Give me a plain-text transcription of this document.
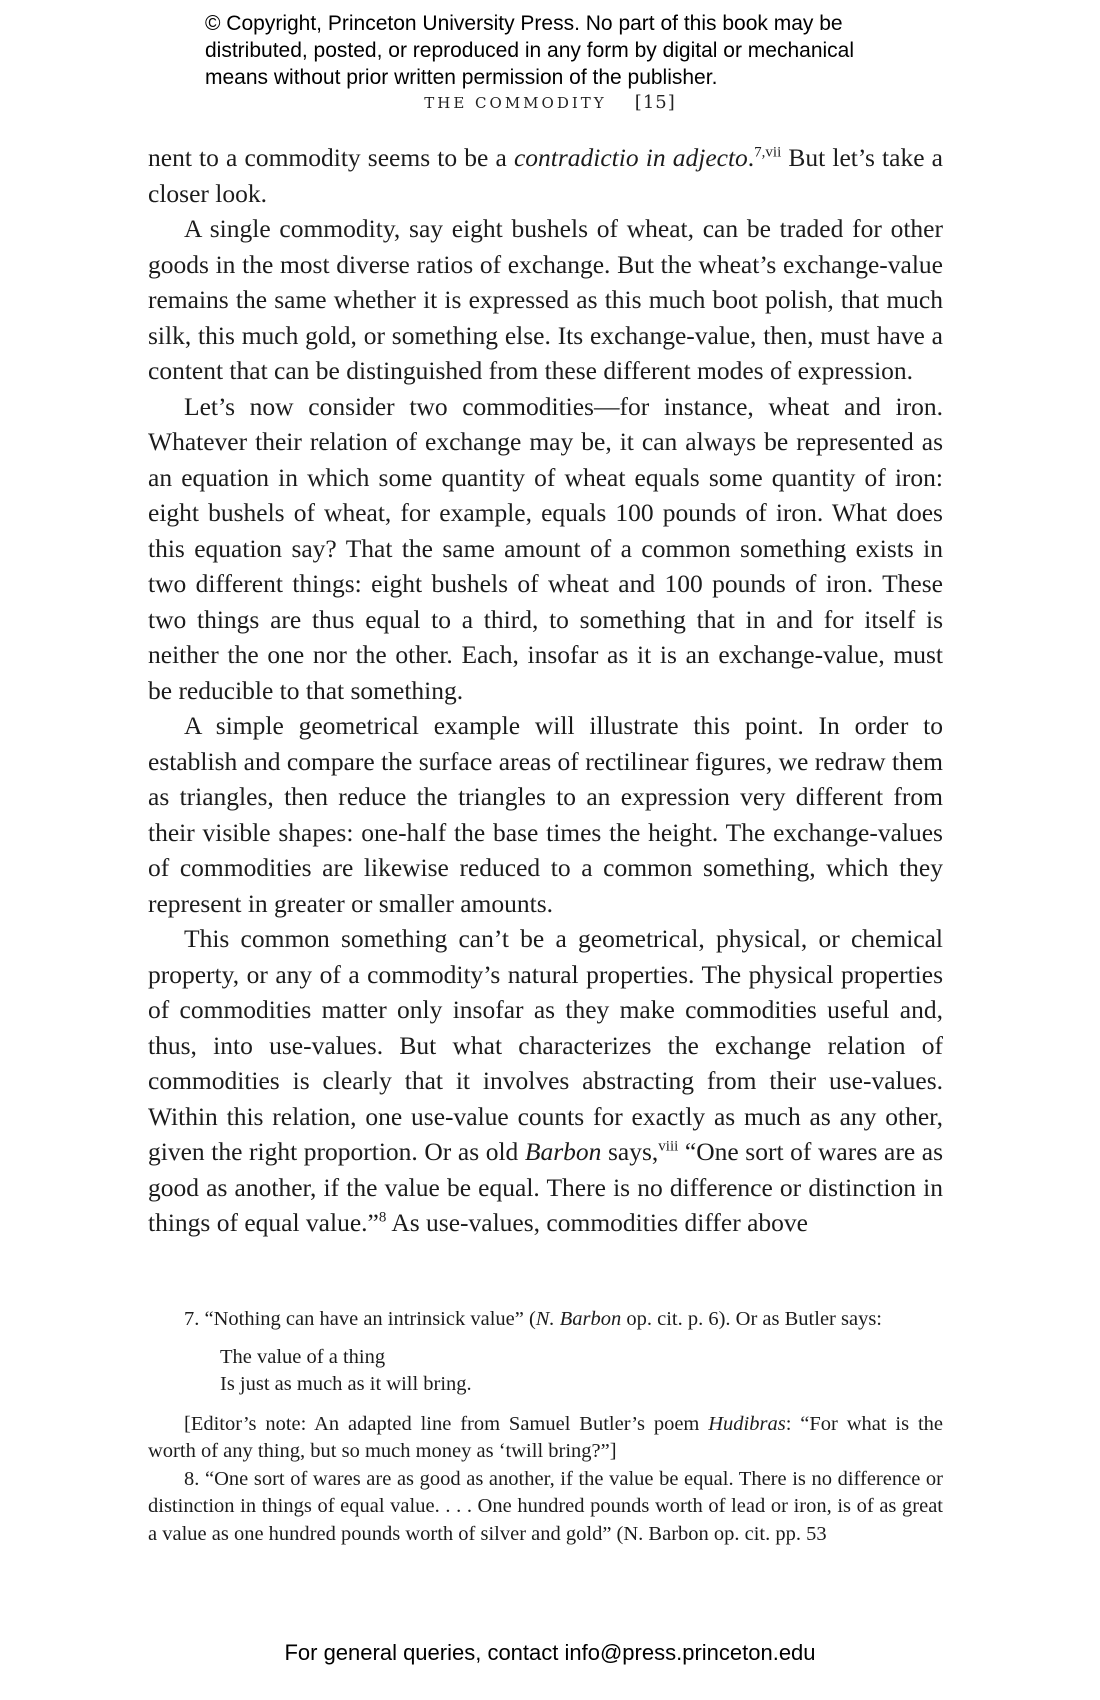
© Copyright, Princeton University Press. No part of this book may be
distributed, posted, or reproduced in any form by digital or mechanical
means without prior written permission of the publisher.
THE COMMODITY [15]

nent to a commodity seems to be a contradictio in adjecto.$^{7,vii}$ But let’s take a closer look.

A single commodity, say eight bushels of wheat, can be traded for other goods in the most diverse ratios of exchange. But the wheat’s exchange-value remains the same whether it is expressed as this much boot polish, that much silk, this much gold, or something else. Its exchange-value, then, must have a content that can be distinguished from these different modes of expression.

Let’s now consider two commodities—for instance, wheat and iron. Whatever their relation of exchange may be, it can always be represented as an equation in which some quantity of wheat equals some quantity of iron: eight bushels of wheat, for example, equals 100 pounds of iron. What does this equation say? That the same amount of a common something exists in two different things: eight bushels of wheat and 100 pounds of iron. These two things are thus equal to a third, to something that in and for itself is neither the one nor the other. Each, insofar as it is an exchange-value, must be reducible to that something.

A simple geometrical example will illustrate this point. In order to establish and compare the surface areas of rectilinear figures, we redraw them as triangles, then reduce the triangles to an expression very different from their visible shapes: one-half the base times the height. The exchange-values of commodities are likewise reduced to a common something, which they represent in greater or smaller amounts.

This common something can’t be a geometrical, physical, or chemical property, or any of a commodity’s natural properties. The physical properties of commodities matter only insofar as they make commodities useful and, thus, into use-values. But what characterizes the exchange relation of commodities is clearly that it involves abstracting from their use-values. Within this relation, one use-value counts for exactly as much as any other, given the right proportion. Or as old Barbon says,$^{viii}$ “One sort of wares are as good as another, if the value be equal. There is no difference or distinction in things of equal value.”$^8$ As use-values, commodities differ above

7. “Nothing can have an intrinsick value” (N. Barbon op. cit. p. 6). Or as Butler says:

The value of a thing
Is just as much as it will bring.

[Editor’s note: An adapted line from Samuel Butler’s poem Hudibras: “For what is the worth of any thing, but so much money as ‘twill bring?”]

8. “One sort of wares are as good as another, if the value be equal. There is no difference or distinction in things of equal value. . . . One hundred pounds worth of lead or iron, is of as great a value as one hundred pounds worth of silver and gold” (N. Barbon op. cit. pp. 53

For general queries, contact info@press.princeton.edu
